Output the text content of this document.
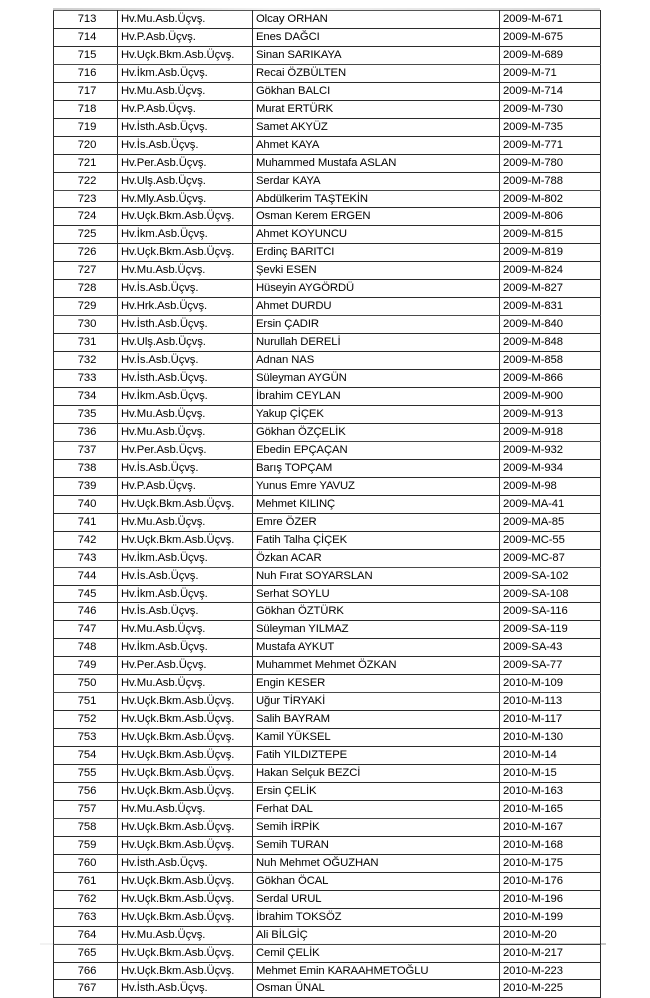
713	Hv.Mu.Asb.Üçvş.	Olcay ORHAN	2009-M-671
714	Hv.P.Asb.Üçvş.	Enes DAĞCI	2009-M-675
715	Hv.Uçk.Bkm.Asb.Üçvş.	Sinan SARIKAYA	2009-M-689
716	Hv.İkm.Asb.Üçvş.	Recai ÖZBÜLTEN	2009-M-71
717	Hv.Mu.Asb.Üçvş.	Gökhan BALCI	2009-M-714
718	Hv.P.Asb.Üçvş.	Murat ERTÜRK	2009-M-730
719	Hv.İsth.Asb.Üçvş.	Samet AKYÜZ	2009-M-735
720	Hv.İs.Asb.Üçvş.	Ahmet KAYA	2009-M-771
721	Hv.Per.Asb.Üçvş.	Muhammed Mustafa ASLAN	2009-M-780
722	Hv.Ulş.Asb.Üçvş.	Serdar KAYA	2009-M-788
723	Hv.Mly.Asb.Üçvş.	Abdülkerim TAŞTEKİN	2009-M-802
724	Hv.Uçk.Bkm.Asb.Üçvş.	Osman Kerem ERGEN	2009-M-806
725	Hv.İkm.Asb.Üçvş.	Ahmet KOYUNCU	2009-M-815
726	Hv.Uçk.Bkm.Asb.Üçvş.	Erdinç BARITCI	2009-M-819
727	Hv.Mu.Asb.Üçvş.	Şevki ESEN	2009-M-824
728	Hv.İs.Asb.Üçvş.	Hüseyin AYGÖRDÜ	2009-M-827
729	Hv.Hrk.Asb.Üçvş.	Ahmet DURDU	2009-M-831
730	Hv.İsth.Asb.Üçvş.	Ersin ÇADIR	2009-M-840
731	Hv.Ulş.Asb.Üçvş.	Nurullah DERELİ	2009-M-848
732	Hv.İs.Asb.Üçvş.	Adnan NAS	2009-M-858
733	Hv.İsth.Asb.Üçvş.	Süleyman AYGÜN	2009-M-866
734	Hv.İkm.Asb.Üçvş.	İbrahim CEYLAN	2009-M-900
735	Hv.Mu.Asb.Üçvş.	Yakup ÇİÇEK	2009-M-913
736	Hv.Mu.Asb.Üçvş.	Gökhan ÖZÇELİK	2009-M-918
737	Hv.Per.Asb.Üçvş.	Ebedin EPÇAÇAN	2009-M-932
738	Hv.İs.Asb.Üçvş.	Barış TOPÇAM	2009-M-934
739	Hv.P.Asb.Üçvş.	Yunus Emre YAVUZ	2009-M-98
740	Hv.Uçk.Bkm.Asb.Üçvş.	Mehmet KILINÇ	2009-MA-41
741	Hv.Mu.Asb.Üçvş.	Emre ÖZER	2009-MA-85
742	Hv.Uçk.Bkm.Asb.Üçvş.	Fatih Talha ÇİÇEK	2009-MC-55
743	Hv.İkm.Asb.Üçvş.	Özkan ACAR	2009-MC-87
744	Hv.İs.Asb.Üçvş.	Nuh Fırat SOYARSLAN	2009-SA-102
745	Hv.İkm.Asb.Üçvş.	Serhat SOYLU	2009-SA-108
746	Hv.İs.Asb.Üçvş.	Gökhan ÖZTÜRK	2009-SA-116
747	Hv.Mu.Asb.Üçvş.	Süleyman YILMAZ	2009-SA-119
748	Hv.İkm.Asb.Üçvş.	Mustafa AYKUT	2009-SA-43
749	Hv.Per.Asb.Üçvş.	Muhammet Mehmet ÖZKAN	2009-SA-77
750	Hv.Mu.Asb.Üçvş.	Engin KESER	2010-M-109
751	Hv.Uçk.Bkm.Asb.Üçvş.	Uğur TİRYAKİ	2010-M-113
752	Hv.Uçk.Bkm.Asb.Üçvş.	Salih BAYRAM	2010-M-117
753	Hv.Uçk.Bkm.Asb.Üçvş.	Kamil YÜKSEL	2010-M-130
754	Hv.Uçk.Bkm.Asb.Üçvş.	Fatih YILDIZTEPE	2010-M-14
755	Hv.Uçk.Bkm.Asb.Üçvş.	Hakan Selçuk BEZCİ	2010-M-15
756	Hv.Uçk.Bkm.Asb.Üçvş.	Ersin ÇELİK	2010-M-163
757	Hv.Mu.Asb.Üçvş.	Ferhat DAL	2010-M-165
758	Hv.Uçk.Bkm.Asb.Üçvş.	Semih İRPİK	2010-M-167
759	Hv.Uçk.Bkm.Asb.Üçvş.	Semih TURAN	2010-M-168
760	Hv.İsth.Asb.Üçvş.	Nuh Mehmet OĞUZHAN	2010-M-175
761	Hv.Uçk.Bkm.Asb.Üçvş.	Gökhan ÖCAL	2010-M-176
762	Hv.Uçk.Bkm.Asb.Üçvş.	Serdal URUL	2010-M-196
763	Hv.Uçk.Bkm.Asb.Üçvş.	İbrahim TOKSÖZ	2010-M-199
764	Hv.Mu.Asb.Üçvş.	Ali BİLGİÇ	2010-M-20
765	Hv.Uçk.Bkm.Asb.Üçvş.	Cemil ÇELİK	2010-M-217
766	Hv.Uçk.Bkm.Asb.Üçvş.	Mehmet Emin KARAAHMETOĞLU	2010-M-223
767	Hv.İsth.Asb.Üçvş.	Osman ÜNAL	2010-M-225
